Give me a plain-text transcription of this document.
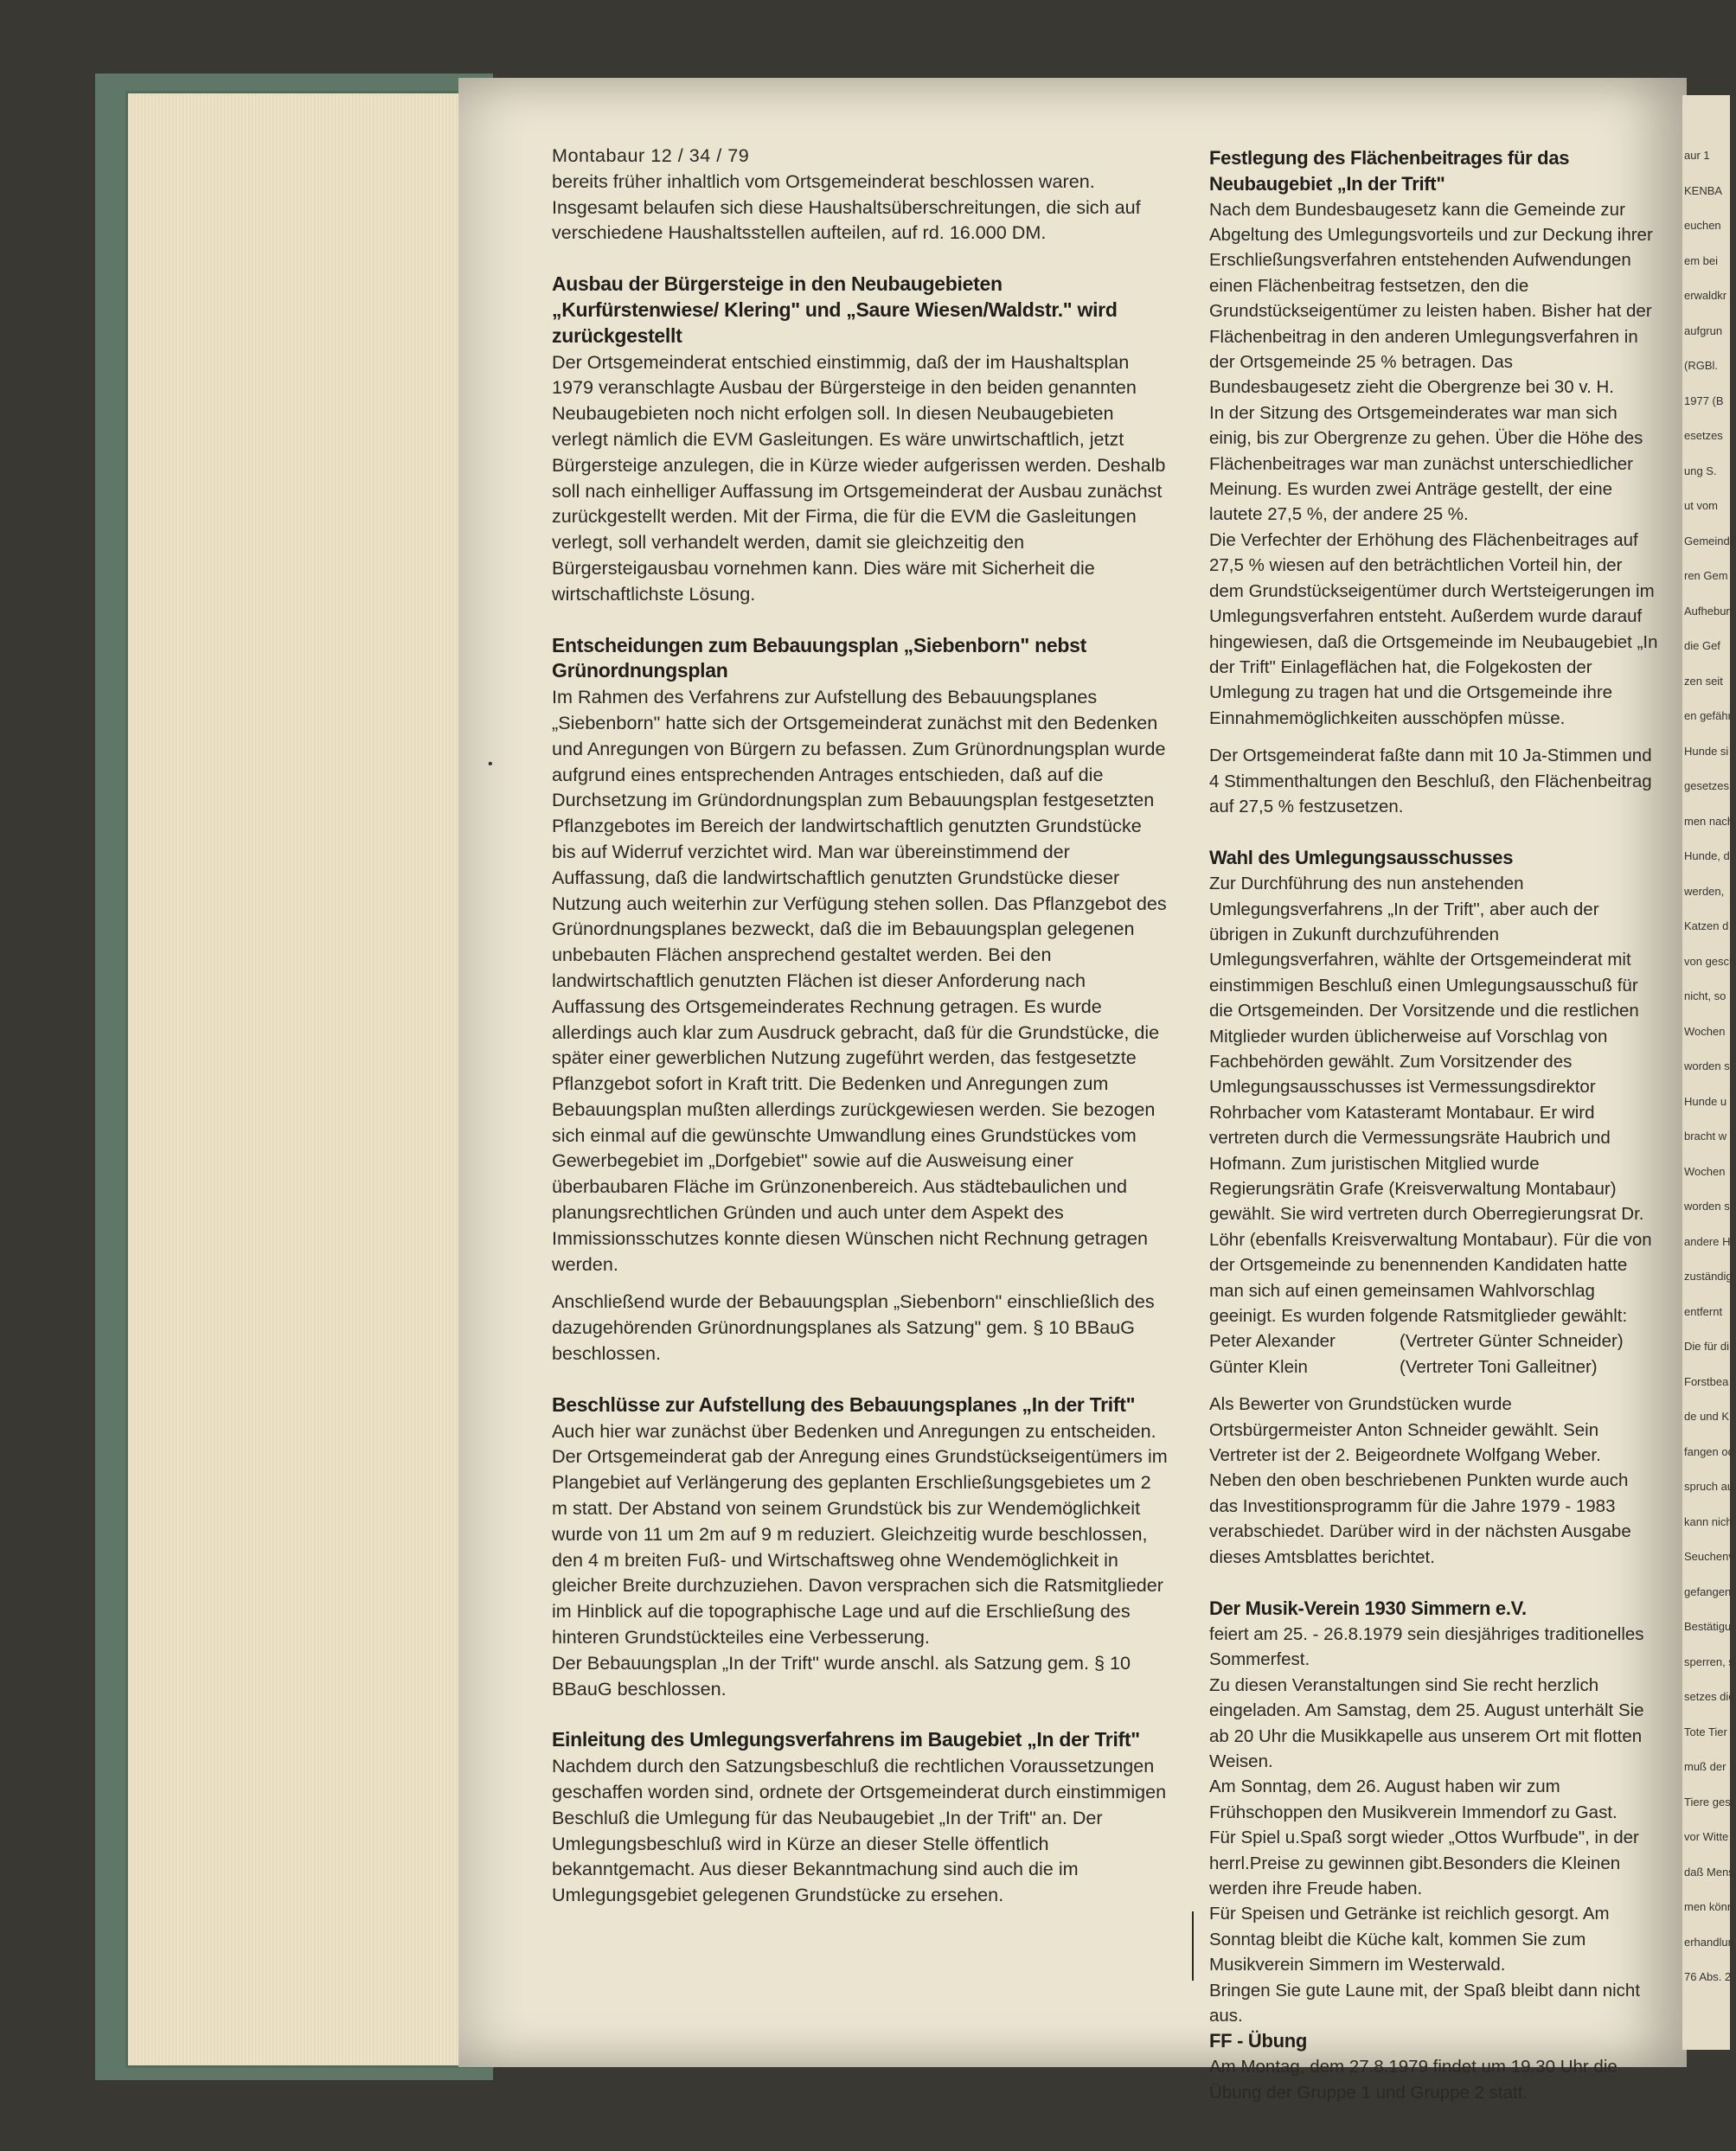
aur 1
KENBA
euchen
em bei
erwaldkr
aufgrun
(RGBl.
1977 (B
esetzes
ung S.
ut vom
Gemeinde
ren Gem
Aufhebun
die Gef
zen seit
en gefähr
Hunde si
gesetzes
men nach
Hunde, d
werden,
Katzen d
von gesch
nicht, so
Wochen
worden s
Hunde u
bracht w
Wochen
worden s
andere H
zuständig
entfernt
Die für di
Forstbea
de und K
fangen od
spruch au
kann nich
Seuchenv
gefangen
Bestätigu
sperren, s
setzes die
Tote Tier
muß der
Tiere gest
vor Witte
daß Mens
men könn
erhandlun
76 Abs. 2
•

Montabaur 12 / 34 / 79

bereits früher inhaltlich vom Ortsgemeinderat beschlossen waren. Insgesamt belaufen sich diese Haushaltsüberschreitungen, die sich auf verschiedene Haushaltsstellen aufteilen, auf rd. 16.000 DM.

Ausbau der Bürgersteige in den Neubaugebieten „Kurfürstenwiese/ Klering" und „Saure Wiesen/Waldstr." wird zurückgestellt

Der Ortsgemeinderat entschied einstimmig, daß der im Haushaltsplan 1979 veranschlagte Ausbau der Bürgersteige in den beiden genannten Neubaugebieten noch nicht erfolgen soll. In diesen Neubaugebieten verlegt nämlich die EVM Gasleitungen. Es wäre unwirtschaftlich, jetzt Bürgersteige anzulegen, die in Kürze wieder aufgerissen werden. Deshalb soll nach einhelliger Auffassung im Ortsgemeinderat der Ausbau zunächst zurückgestellt werden. Mit der Firma, die für die EVM die Gasleitungen verlegt, soll verhandelt werden, damit sie gleichzeitig den Bürgersteigausbau vornehmen kann. Dies wäre mit Sicherheit die wirtschaftlichste Lösung.

Entscheidungen zum Bebauungsplan „Siebenborn" nebst Grünordnungsplan

Im Rahmen des Verfahrens zur Aufstellung des Bebauungsplanes „Siebenborn" hatte sich der Ortsgemeinderat zunächst mit den Bedenken und Anregungen von Bürgern zu befassen. Zum Grünordnungsplan wurde aufgrund eines entsprechenden Antrages entschieden, daß auf die Durchsetzung im Gründordnungsplan zum Bebauungsplan festgesetzten Pflanzgebotes im Bereich der landwirtschaftlich genutzten Grundstücke bis auf Widerruf verzichtet wird. Man war übereinstimmend der Auffassung, daß die landwirtschaftlich genutzten Grundstücke dieser Nutzung auch weiterhin zur Verfügung stehen sollen. Das Pflanzgebot des Grünordnungsplanes bezweckt, daß die im Bebauungsplan gelegenen unbebauten Flächen ansprechend gestaltet werden. Bei den landwirtschaftlich genutzten Flächen ist dieser Anforderung nach Auffassung des Ortsgemeinderates Rechnung getragen. Es wurde allerdings auch klar zum Ausdruck gebracht, daß für die Grundstücke, die später einer gewerblichen Nutzung zugeführt werden, das festgesetzte Pflanzgebot sofort in Kraft tritt. Die Bedenken und Anregungen zum Bebauungsplan mußten allerdings zurückgewiesen werden. Sie bezogen sich einmal auf die gewünschte Umwandlung eines Grundstückes vom Gewerbegebiet im „Dorfgebiet" sowie auf die Ausweisung einer überbaubaren Fläche im Grünzonenbereich. Aus städtebaulichen und planungsrechtlichen Gründen und auch unter dem Aspekt des Immissionsschutzes konnte diesen Wünschen nicht Rechnung getragen werden.

Anschließend wurde der Bebauungsplan „Siebenborn" einschließlich des dazugehörenden Grünordnungsplanes als Satzung" gem. § 10 BBauG beschlossen.

Beschlüsse zur Aufstellung des Bebauungsplanes „In der Trift"

Auch hier war zunächst über Bedenken und Anregungen zu entscheiden. Der Ortsgemeinderat gab der Anregung eines Grundstückseigentümers im Plangebiet auf Verlängerung des geplanten Erschließungsgebietes um 2 m statt. Der Abstand von seinem Grundstück bis zur Wendemöglichkeit wurde von 11 um 2m auf 9 m reduziert. Gleichzeitig wurde beschlossen, den 4 m breiten Fuß- und Wirtschaftsweg ohne Wendemöglichkeit in gleicher Breite durchzuziehen. Davon versprachen sich die Ratsmitglieder im Hinblick auf die topographische Lage und auf die Erschließung des hinteren Grundstückteiles eine Verbesserung.

Der Bebauungsplan „In der Trift" wurde anschl. als Satzung gem. § 10 BBauG beschlossen.

Einleitung des Umlegungsverfahrens im Baugebiet „In der Trift"

Nachdem durch den Satzungsbeschluß die rechtlichen Voraussetzungen geschaffen worden sind, ordnete der Ortsgemeinderat durch einstimmigen Beschluß die Umlegung für das Neubaugebiet „In der Trift" an. Der Umlegungsbeschluß wird in Kürze an dieser Stelle öffentlich bekanntgemacht. Aus dieser Bekanntmachung sind auch die im Umlegungsgebiet gelegenen Grundstücke zu ersehen.

Festlegung des Flächenbeitrages für das Neubaugebiet „In der Trift"

Nach dem Bundesbaugesetz kann die Gemeinde zur Abgeltung des Umlegungsvorteils und zur Deckung ihrer Erschließungsverfahren entstehenden Aufwendungen einen Flächenbeitrag festsetzen, den die Grundstückseigentümer zu leisten haben. Bisher hat der Flächenbeitrag in den anderen Umlegungsverfahren in der Ortsgemeinde 25 % betragen. Das Bundesbaugesetz zieht die Obergrenze bei 30 v. H.

In der Sitzung des Ortsgemeinderates war man sich einig, bis zur Obergrenze zu gehen. Über die Höhe des Flächenbeitrages war man zunächst unterschiedlicher Meinung. Es wurden zwei Anträge gestellt, der eine lautete 27,5 %, der andere 25 %.

Die Verfechter der Erhöhung des Flächenbeitrages auf 27,5 % wiesen auf den beträchtlichen Vorteil hin, der dem Grundstückseigentümer durch Wertsteigerungen im Umlegungsverfahren entsteht. Außerdem wurde darauf hingewiesen, daß die Ortsgemeinde im Neubaugebiet „In der Trift" Einlageflächen hat, die Folgekosten der Umlegung zu tragen hat und die Ortsgemeinde ihre Einnahmemöglichkeiten ausschöpfen müsse.

Der Ortsgemeinderat faßte dann mit 10 Ja-Stimmen und 4 Stimmenthaltungen den Beschluß, den Flächenbeitrag auf 27,5 % festzusetzen.

Wahl des Umlegungsausschusses

Zur Durchführung des nun anstehenden Umlegungsverfahrens „In der Trift", aber auch der übrigen in Zukunft durchzuführenden Umlegungsverfahren, wählte der Ortsgemeinderat mit einstimmigen Beschluß einen Umlegungsausschuß für die Ortsgemeinden. Der Vorsitzende und die restlichen Mitglieder wurden üblicherweise auf Vorschlag von Fachbehörden gewählt. Zum Vorsitzender des Umlegungsausschusses ist Vermessungsdirektor Rohrbacher vom Katasteramt Montabaur. Er wird vertreten durch die Vermessungsräte Haubrich und Hofmann. Zum juristischen Mitglied wurde Regierungsrätin Grafe (Kreisverwaltung Montabaur) gewählt. Sie wird vertreten durch Oberregierungsrat Dr. Löhr (ebenfalls Kreisverwaltung Montabaur). Für die von der Ortsgemeinde zu benennenden Kandidaten hatte man sich auf einen gemeinsamen Wahlvorschlag geeinigt. Es wurden folgende Ratsmitglieder gewählt:

Peter Alexander	(Vertreter Günter Schneider)
Günter Klein	(Vertreter Toni Galleitner)

Als Bewerter von Grundstücken wurde Ortsbürgermeister Anton Schneider gewählt. Sein Vertreter ist der 2. Beigeordnete Wolfgang Weber.

Neben den oben beschriebenen Punkten wurde auch das Investitionsprogramm für die Jahre 1979 - 1983 verabschiedet. Darüber wird in der nächsten Ausgabe dieses Amtsblattes berichtet.

Der Musik-Verein 1930 Simmern e.V.

feiert am 25. - 26.8.1979 sein diesjähriges traditionelles Sommerfest.

Zu diesen Veranstaltungen sind Sie recht herzlich eingeladen. Am Samstag, dem 25. August unterhält Sie ab 20 Uhr die Musikkapelle aus unserem Ort mit flotten Weisen.

Am Sonntag, dem 26. August haben wir zum Frühschoppen den Musikverein Immendorf zu Gast.

Für Spiel u.Spaß sorgt wieder „Ottos Wurfbude", in der herrl.Preise zu gewinnen gibt.Besonders die Kleinen werden ihre Freude haben.

Für Speisen und Getränke ist reichlich gesorgt. Am Sonntag bleibt die Küche kalt, kommen Sie zum Musikverein Simmern im Westerwald.

Bringen Sie gute Laune mit, der Spaß bleibt dann nicht aus.

FF - Übung

Am Montag, dem 27.8.1979 findet um 19.30 Uhr die Übung der Gruppe 1 und Gruppe 2 statt.
